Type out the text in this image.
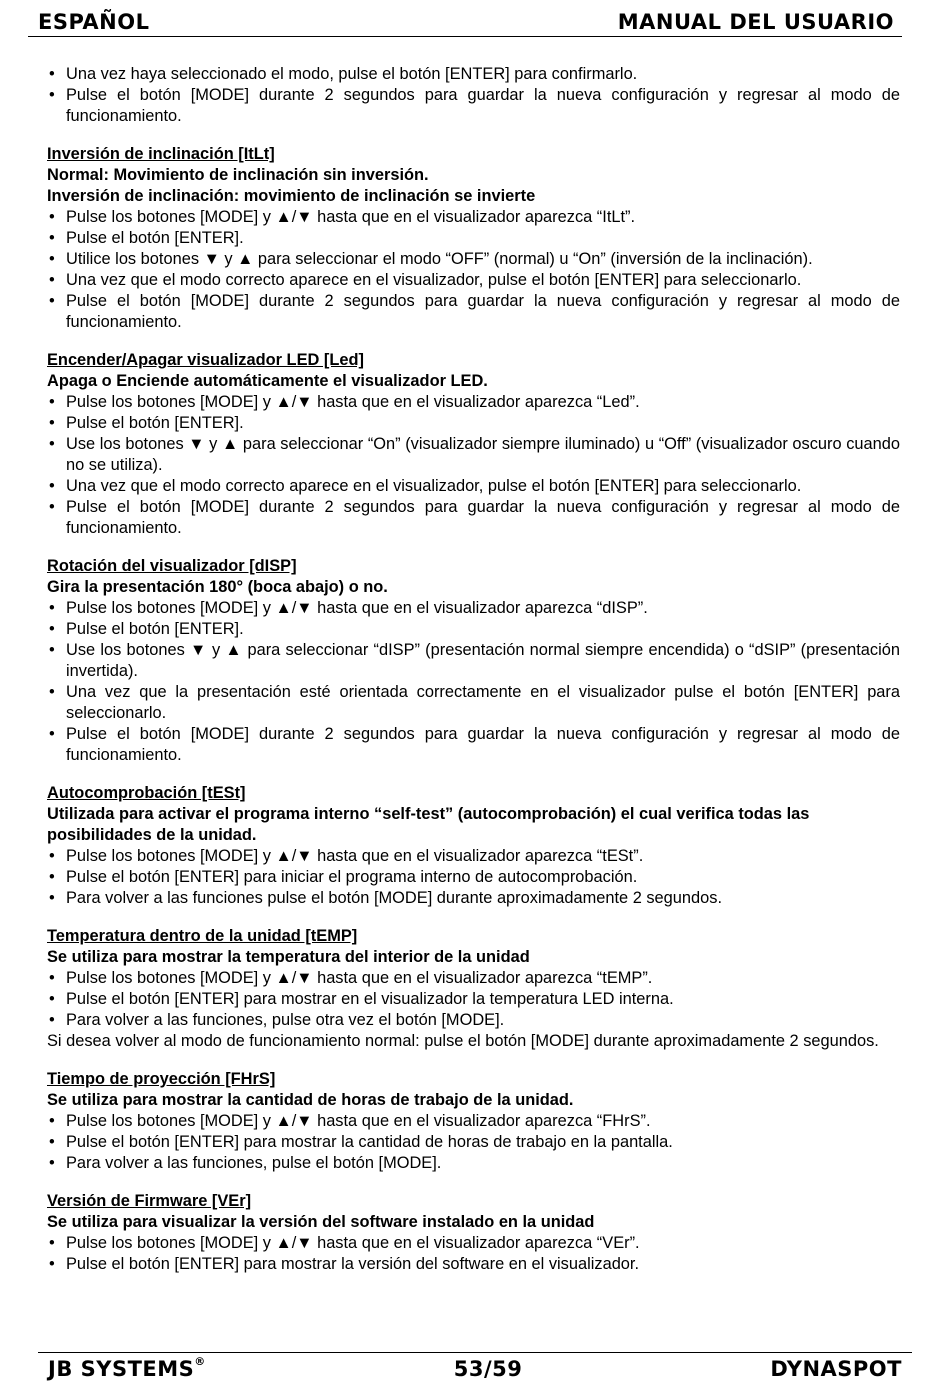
ESPAÑOL	MANUAL DEL USUARIO
• Una vez haya seleccionado el modo, pulse el botón [ENTER] para confirmarlo.
• Pulse el botón [MODE] durante 2 segundos para guardar la nueva configuración y regresar al modo de funcionamiento.
Inversión de inclinación [ItLt]
Normal: Movimiento de inclinación sin inversión.
Inversión de inclinación: movimiento de inclinación se invierte
• Pulse los botones [MODE] y ▲/▼ hasta que en el visualizador aparezca “ItLt”.
• Pulse el botón [ENTER].
• Utilice los botones ▼ y ▲ para seleccionar el modo “OFF” (normal) u “On” (inversión de la inclinación).
• Una vez que el modo correcto aparece en el visualizador, pulse el botón [ENTER] para seleccionarlo.
• Pulse el botón [MODE] durante 2 segundos para guardar la nueva configuración y regresar al modo de funcionamiento.
Encender/Apagar visualizador LED [Led]
Apaga o Enciende automáticamente el visualizador LED.
• Pulse los botones [MODE] y ▲/▼ hasta que en el visualizador aparezca “Led”.
• Pulse el botón [ENTER].
• Use los botones ▼ y ▲ para seleccionar “On” (visualizador siempre iluminado) u “Off” (visualizador oscuro cuando no se utiliza).
• Una vez que el modo correcto aparece en el visualizador, pulse el botón [ENTER] para seleccionarlo.
• Pulse el botón [MODE] durante 2 segundos para guardar la nueva configuración y regresar al modo de funcionamiento.
Rotación del visualizador [dISP]
Gira la presentación 180° (boca abajo) o no.
• Pulse los botones [MODE] y ▲/▼ hasta que en el visualizador aparezca “dISP”.
• Pulse el botón [ENTER].
• Use los botones ▼ y ▲ para seleccionar “dISP” (presentación normal siempre encendida) o “dSIP” (presentación invertida).
• Una vez que la presentación esté orientada correctamente en el visualizador pulse el botón [ENTER] para seleccionarlo.
• Pulse el botón [MODE] durante 2 segundos para guardar la nueva configuración y regresar al modo de funcionamiento.
Autocomprobación [tESt]
Utilizada para activar el programa interno “self-test” (autocomprobación) el cual verifica todas las posibilidades de la unidad.
• Pulse los botones [MODE] y ▲/▼ hasta que en el visualizador aparezca “tESt”.
• Pulse el botón [ENTER] para iniciar el programa interno de autocomprobación.
• Para volver a las funciones pulse el botón [MODE] durante aproximadamente 2 segundos.
Temperatura dentro de la unidad [tEMP]
Se utiliza para mostrar la temperatura del interior de la unidad
• Pulse los botones [MODE] y ▲/▼ hasta que en el visualizador aparezca “tEMP”.
• Pulse el botón [ENTER] para mostrar en el visualizador la temperatura LED interna.
• Para volver a las funciones, pulse otra vez el botón [MODE].

Si desea volver al modo de funcionamiento normal: pulse el botón [MODE] durante aproximadamente 2 segundos.

Tiempo de proyección [FHrS]
Se utiliza para mostrar la cantidad de horas de trabajo de la unidad.
• Pulse los botones [MODE] y ▲/▼ hasta que en el visualizador aparezca “FHrS”.
• Pulse el botón [ENTER] para mostrar la cantidad de horas de trabajo en la pantalla.
• Para volver a las funciones, pulse el botón [MODE].
Versión de Firmware [VEr]
Se utiliza para visualizar la versión del software instalado en la unidad
• Pulse los botones [MODE] y ▲/▼ hasta que en el visualizador aparezca “VEr”.
• Pulse el botón [ENTER] para mostrar la versión del software en el visualizador.
JB SYSTEMS®	53/59	DYNASPOT
